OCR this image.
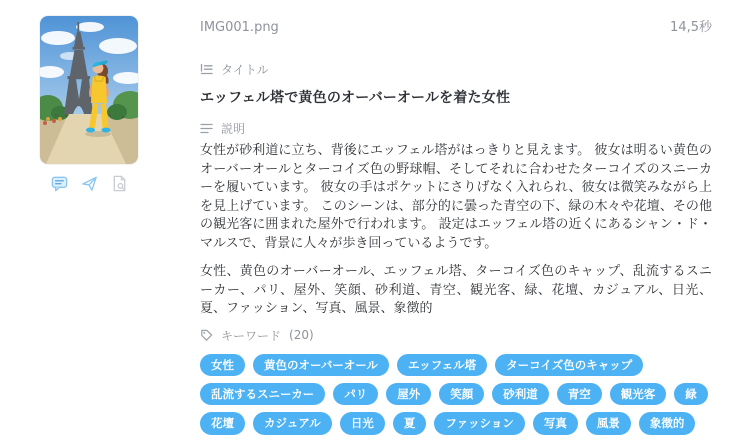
IMG001.png	14,5秒
タイトル
エッフェル塔で黄色のオーバーオールを着た女性
説明

女性が砂利道に立ち、背後にエッフェル塔がはっきりと見えます。 彼女は明るい黄色のオーバーオールとターコイズ色の野球帽、そしてそれに合わせたターコイズのスニーカーを履いています。 彼女の手はポケットにさりげなく入れられ、彼女は微笑みながら上を見上げています。 このシーンは、部分的に曇った青空の下、緑の木々や花壇、その他の観光客に囲まれた屋外で行われます。 設定はエッフェル塔の近くにあるシャン・ド・マルスで、背景に人々が歩き回っているようです。

女性、黄色のオーバーオール、エッフェル塔、ターコイズ色のキャップ、乱流するスニーカー、パリ、屋外、笑顔、砂利道、青空、観光客、緑、花壇、カジュアル、日光、夏、ファッション、写真、風景、象徴的

キーワード (20)
女性	黄色のオーバーオール	エッフェル塔	ターコイズ色のキャップ
乱流するスニーカー	パリ	屋外	笑顔	砂利道	青空	観光客	緑
花壇	カジュアル	日光	夏	ファッション	写真	風景	象徴的
